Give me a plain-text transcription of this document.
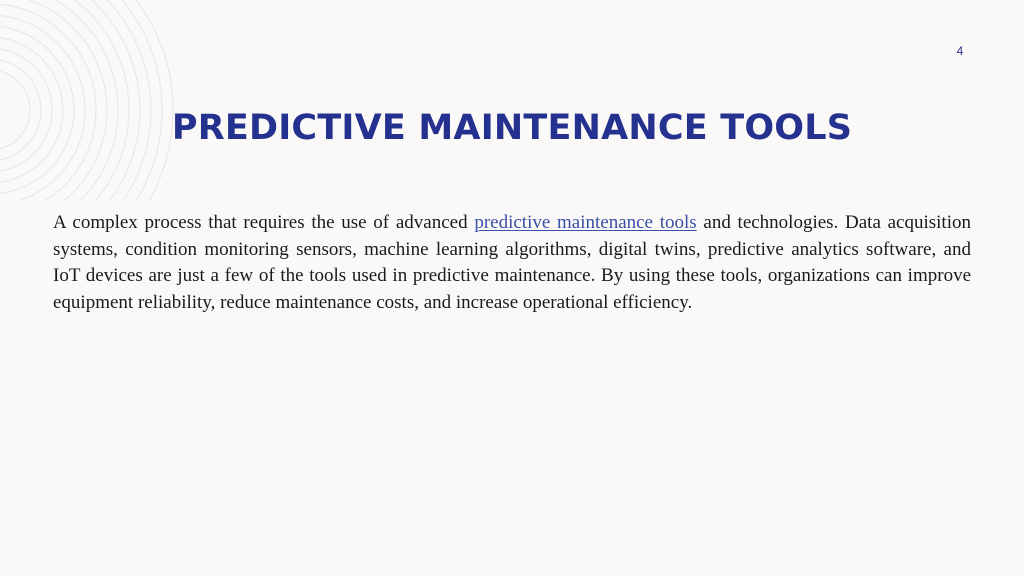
4
PREDICTIVE MAINTENANCE TOOLS

A complex process that requires the use of advanced predictive maintenance tools and technologies. Data acquisition systems, condition monitoring sensors, machine learning algorithms, digital twins, predictive analytics software, and IoT devices are just a few of the tools used in predictive maintenance. By using these tools, organizations can improve equipment reliability, reduce maintenance costs, and increase operational efficiency.
